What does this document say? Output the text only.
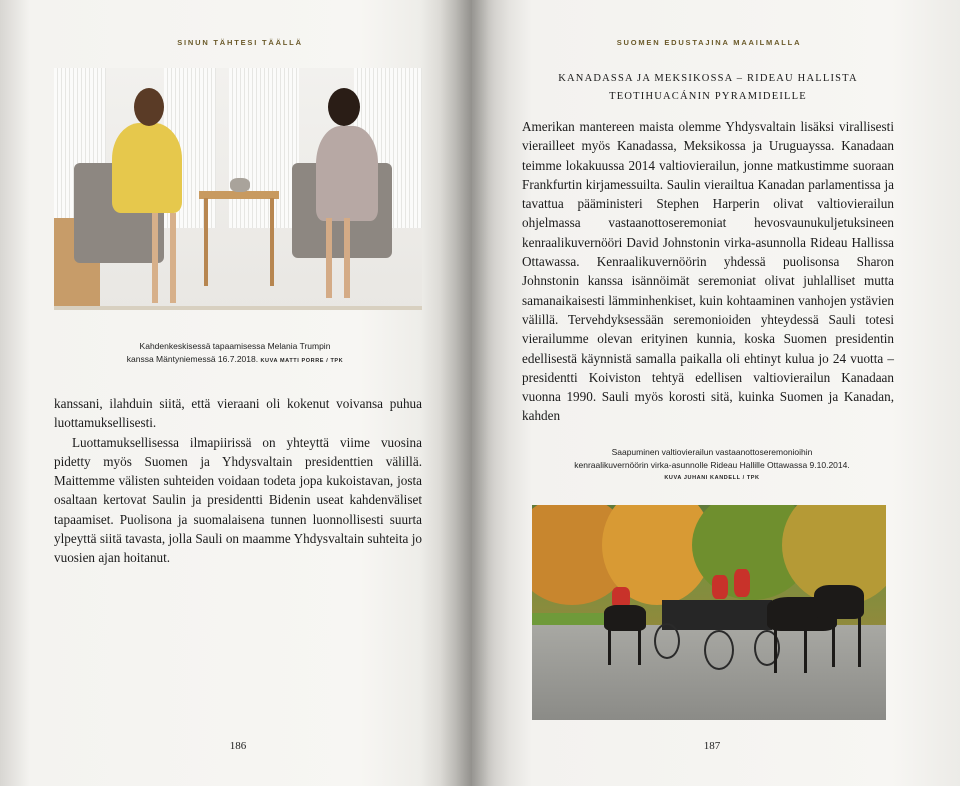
SINUN TÄHTESI TÄÄLLÄ
Kahdenkeskisessä tapaamisessa Melania Trumpin
kanssa Mäntyniemessä 16.7.2018. KUVA MATTI PORRE / TPK

kanssani, ilahduin siitä, että vieraani oli kokenut voivansa puhua luottamuksellisesti.

Luottamuksellisessa ilmapiirissä on yhteyttä viime vuosina pidetty myös Suomen ja Yhdysvaltain presidenttien välillä. Maittemme välisten suhteiden voidaan todeta jopa kukoistavan, josta osaltaan kertovat Saulin ja presidentti Bidenin useat kahdenväliset tapaamiset. Puolisona ja suomalaisena tunnen luonnollisesti suurta ylpeyttä siitä tavasta, jolla Sauli on maamme Yhdysvaltain suhteita jo vuosien ajan hoitanut.

186
SUOMEN EDUSTAJINA MAAILMALLA
KANADASSA JA MEKSIKOSSA – RIDEAU HALLISTA
TEOTIHUACÁNIN PYRAMIDEILLE

Amerikan mantereen maista olemme Yhdysvaltain lisäksi virallisesti vierailleet myös Kanadassa, Meksikossa ja Uruguayssa. Kanadaan teimme lokakuussa 2014 valtiovierailun, jonne matkustimme suoraan Frankfurtin kirjamessuilta. Saulin vierailtua Kanadan parlamentissa ja tavattua pääministeri Stephen Harperin olivat valtiovierailun ohjelmassa vastaanottoseremoniat hevosvaunukuljetuksineen kenraalikuvernööri David Johnstonin virka-asunnolla Rideau Hallissa Ottawassa. Kenraalikuvernöörin yhdessä puolisonsa Sharon Johnstonin kanssa isännöimät seremoniat olivat juhlalliset mutta samanaikaisesti lämminhenkiset, kuin kohtaaminen vanhojen ystävien välillä. Tervehdyksessään seremonioiden yhteydessä Sauli totesi vierailumme olevan erityinen kunnia, koska Suomen presidentin edellisestä käynnistä samalla paikalla oli ehtinyt kulua jo 24 vuotta – presidentti Koiviston tehtyä edellisen valtiovierailun Kanadaan vuonna 1990. Sauli myös korosti sitä, kuinka Suomen ja Kanadan, kahden

Saapuminen valtiovierailun vastaanottoseremonioihin
kenraalikuvernöörin virka-asunnolle Rideau Hallille Ottawassa 9.10.2014.
KUVA JUHANI KANDELL / TPK
187
